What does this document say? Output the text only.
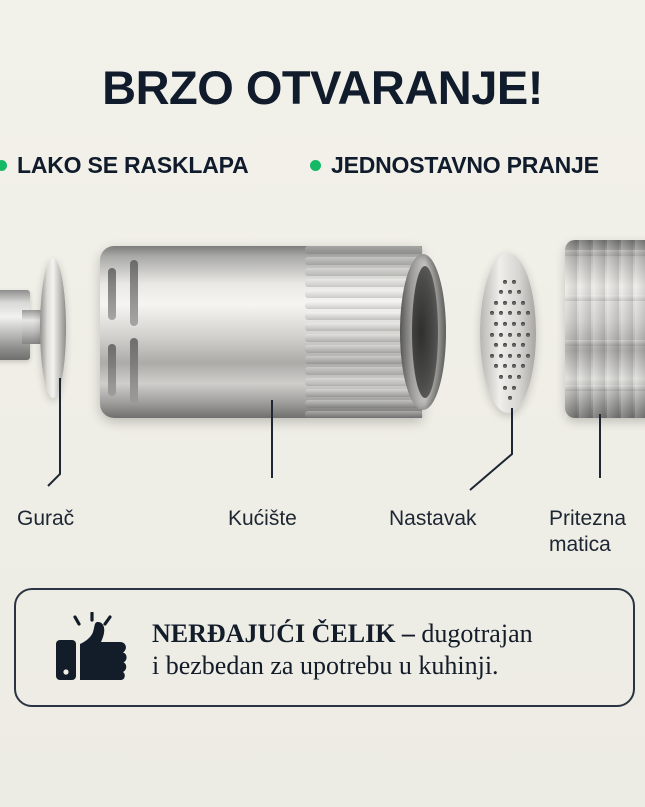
BRZO OTVARANJE!
LAKO SE RASKLAPA	JEDNOSTAVNO PRANJE
Gurač	Kućište	Nastavak	Pritezna matica
NERĐAJUĆI ČELIK – dugotrajan
i bezbedan za upotrebu u kuhinji.
